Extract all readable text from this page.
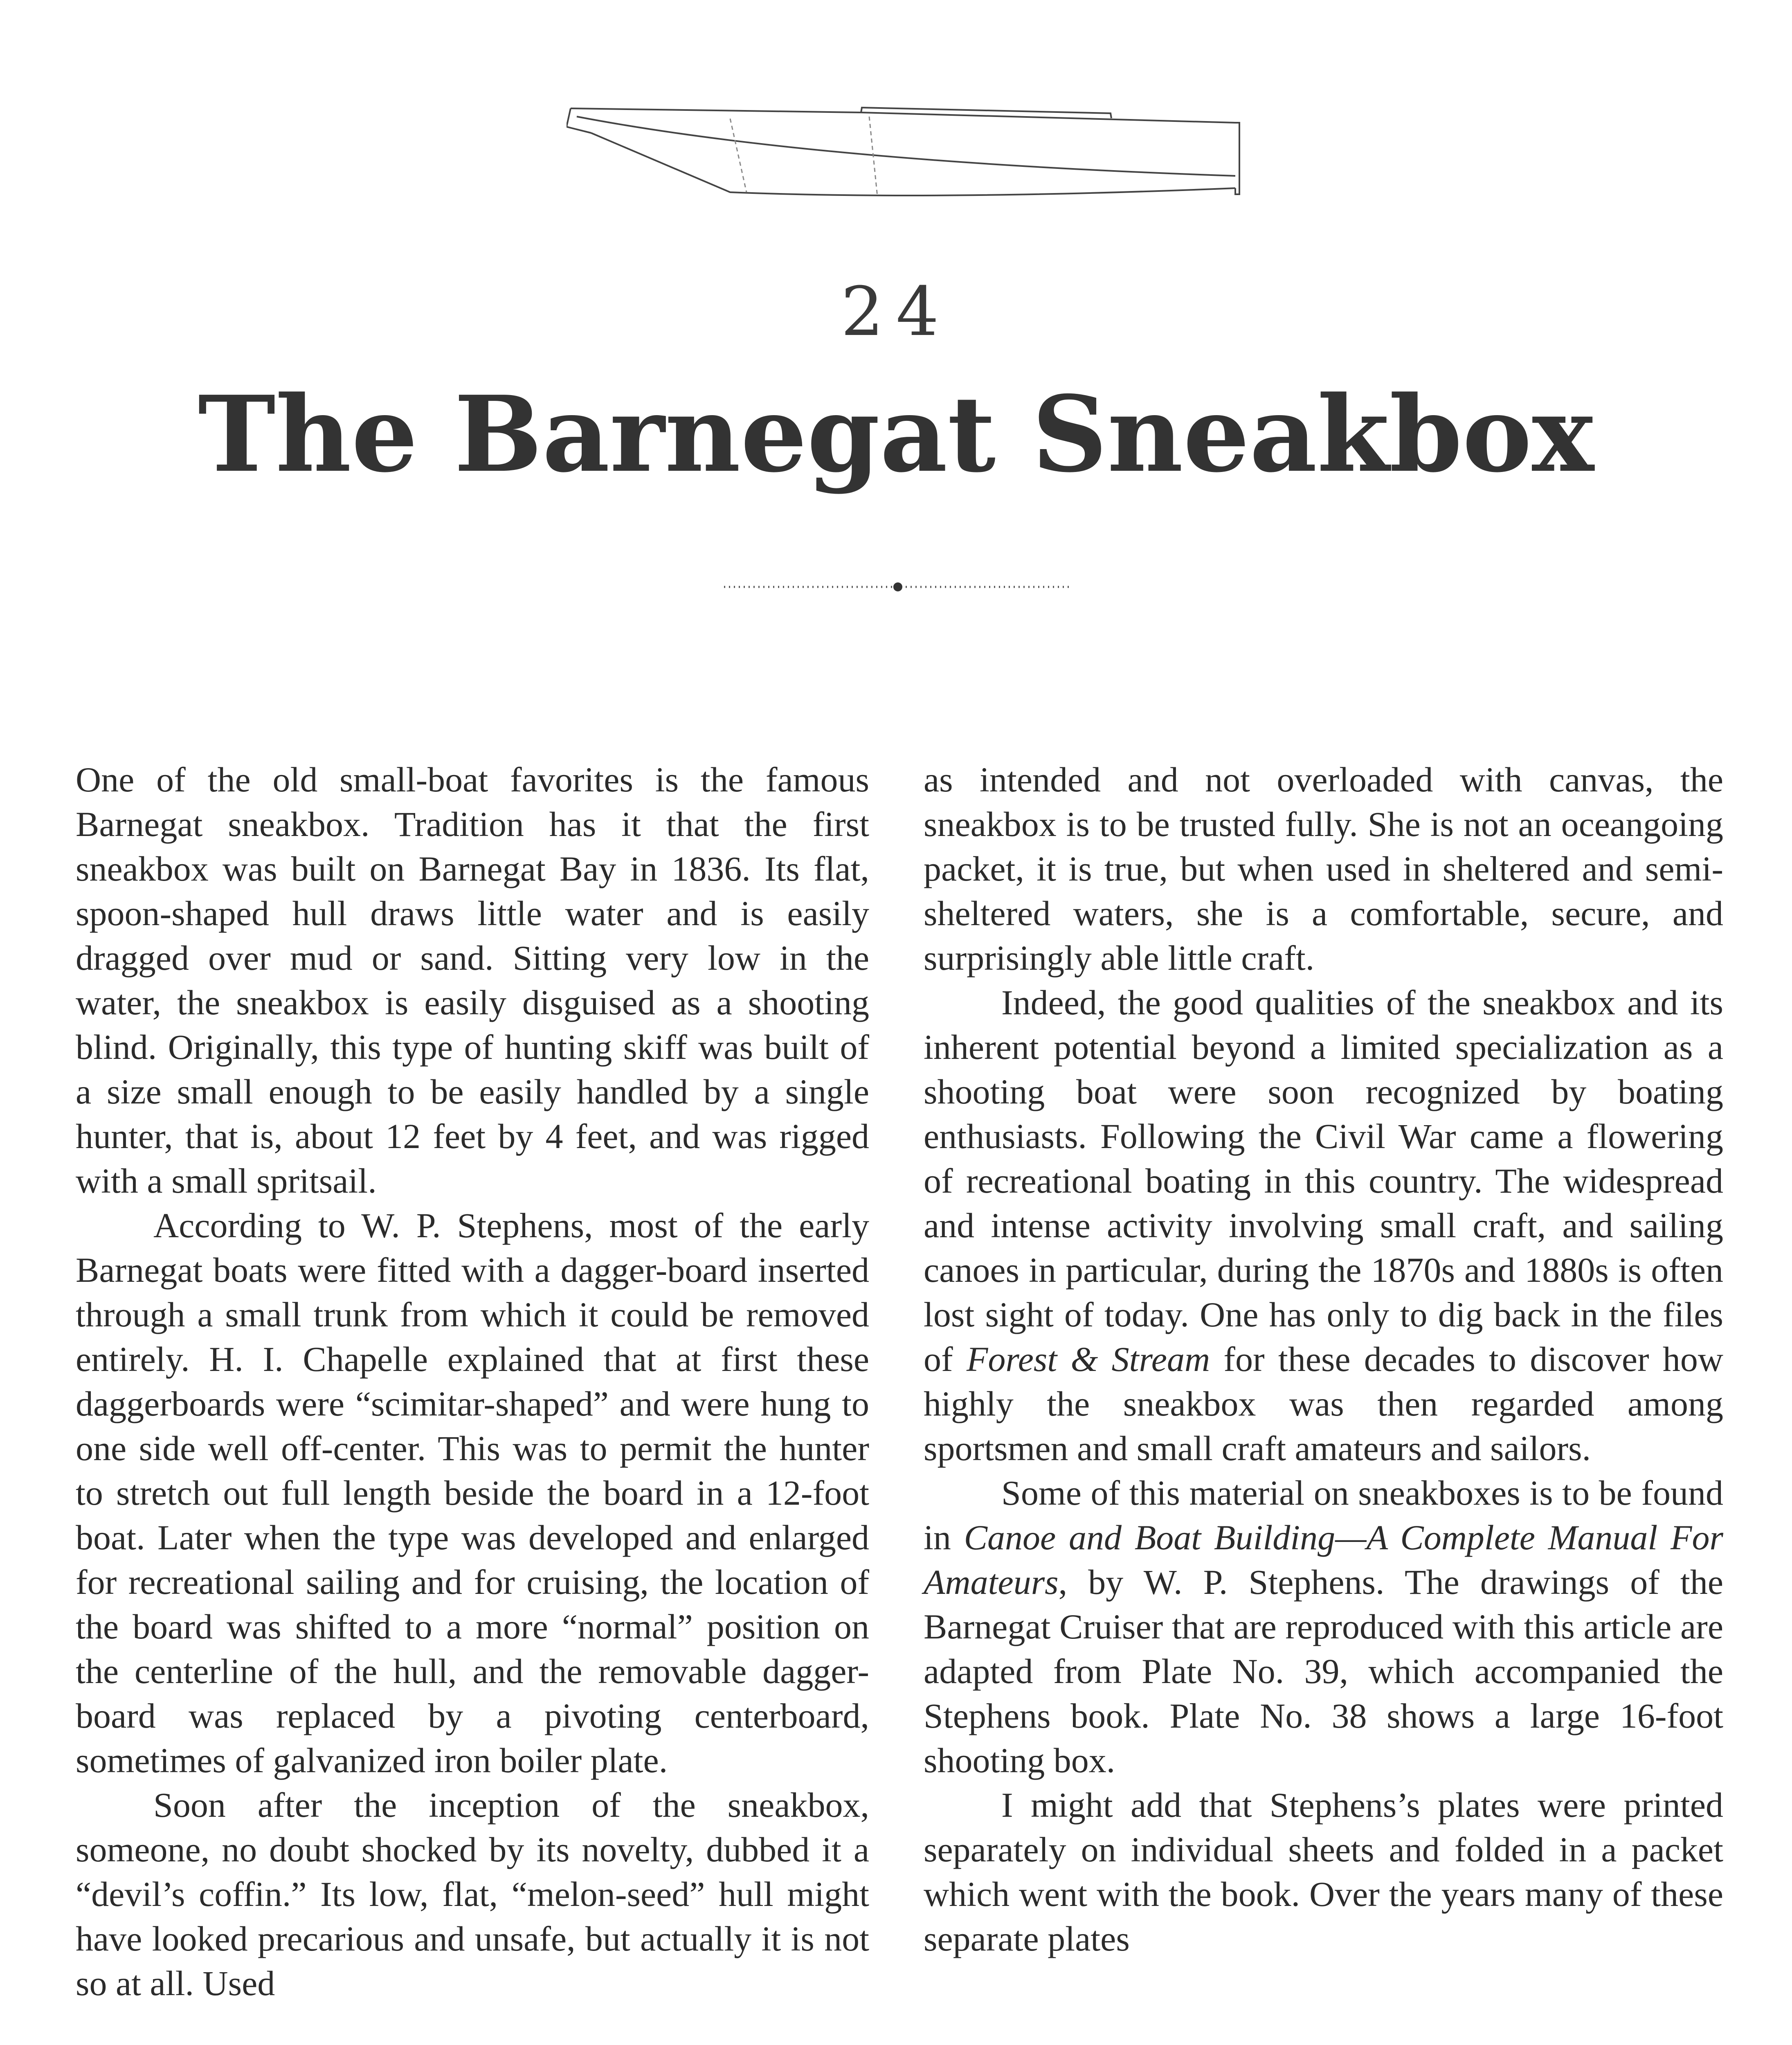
24
The Barnegat Sneakbox

One of the old small-boat favorites is the famous Barnegat sneakbox. Tradition has it that the first sneakbox was built on Barnegat Bay in 1836. Its flat, spoon-shaped hull draws little water and is easily dragged over mud or sand. Sitting very low in the water, the sneakbox is easily disguised as a shooting blind. Originally, this type of hunting skiff was built of a size small enough to be easily handled by a single hunter, that is, about 12 feet by 4 feet, and was rigged with a small spritsail.

According to W. P. Stephens, most of the early Barnegat boats were fitted with a dagger-board inserted through a small trunk from which it could be removed entirely. H. I. Chapelle explained that at first these daggerboards were “scimitar-shaped” and were hung to one side well off-center. This was to permit the hunter to stretch out full length beside the board in a 12-foot boat. Later when the type was developed and enlarged for recreational sailing and for cruising, the location of the board was shifted to a more “normal” position on the centerline of the hull, and the removable dagger-board was replaced by a pivoting centerboard, sometimes of galvanized iron boiler plate.

Soon after the inception of the sneakbox, someone, no doubt shocked by its novelty, dubbed it a “devil’s coffin.” Its low, flat, “melon-seed” hull might have looked precarious and unsafe, but actually it is not so at all. Used

as intended and not overloaded with canvas, the sneakbox is to be trusted fully. She is not an oceangoing packet, it is true, but when used in sheltered and semi-sheltered waters, she is a comfortable, secure, and surprisingly able little craft.

Indeed, the good qualities of the sneakbox and its inherent potential beyond a limited specialization as a shooting boat were soon recognized by boating enthusiasts. Following the Civil War came a flowering of recreational boating in this country. The widespread and intense activity involving small craft, and sailing canoes in particular, during the 1870s and 1880s is often lost sight of today. One has only to dig back in the files of Forest & Stream for these decades to discover how highly the sneakbox was then regarded among sportsmen and small craft amateurs and sailors.

Some of this material on sneakboxes is to be found in Canoe and Boat Building—A Complete Manual For Amateurs, by W. P. Stephens. The drawings of the Barnegat Cruiser that are reproduced with this article are adapted from Plate No. 39, which accompanied the Stephens book. Plate No. 38 shows a large 16-foot shooting box.

I might add that Stephens’s plates were printed separately on individual sheets and folded in a packet which went with the book. Over the years many of these separate plates
